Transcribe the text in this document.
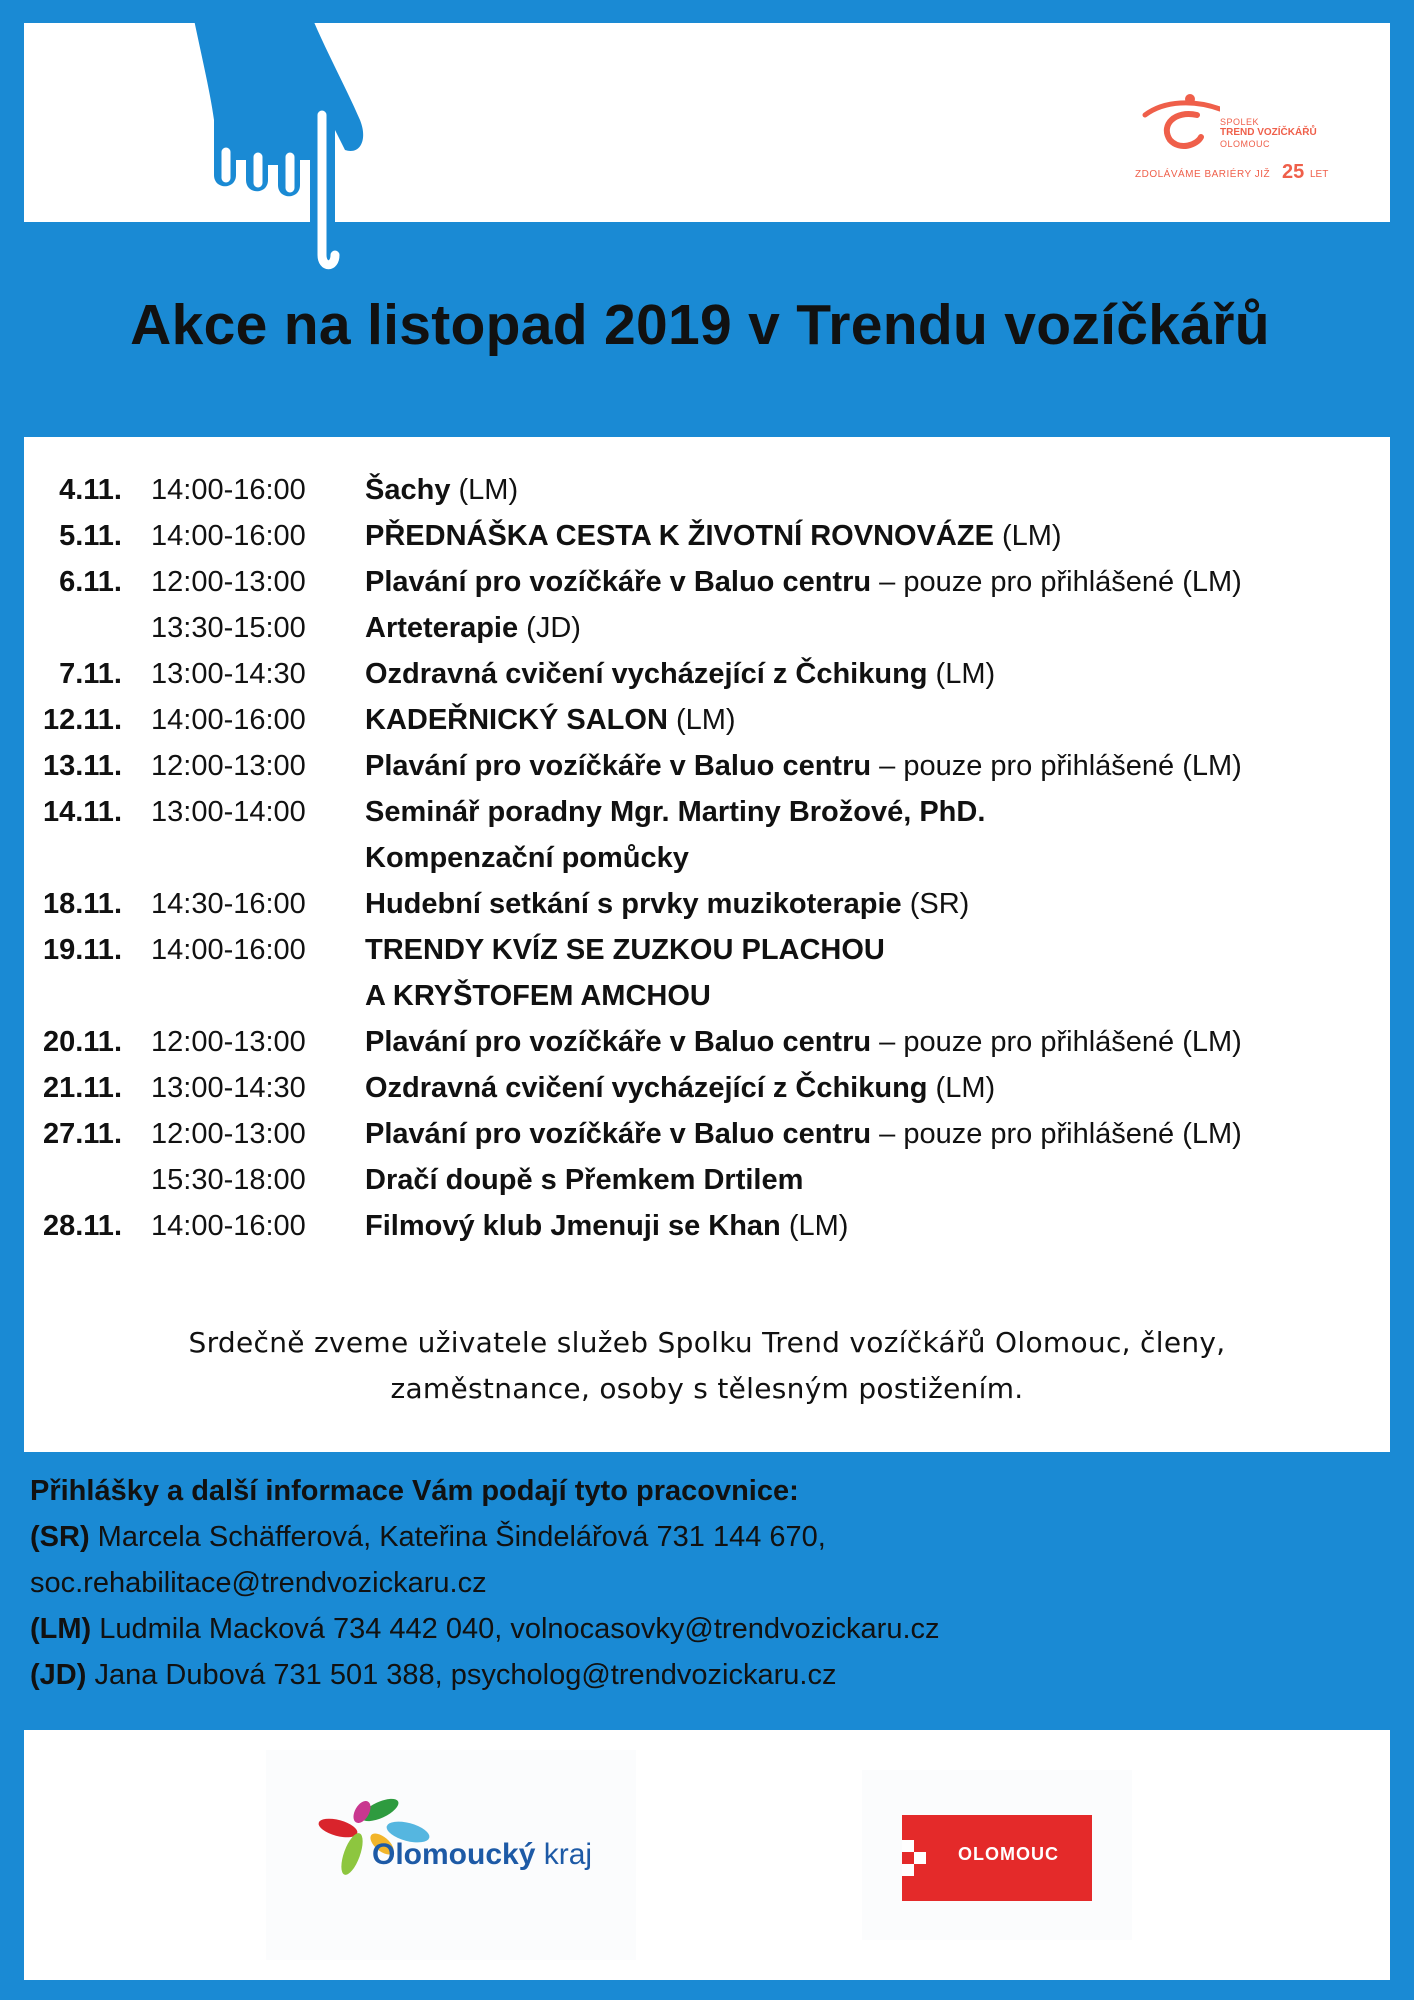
SPOLEK
TREND VOZÍČKÁŘŮ
OLOMOUC
ZDOLÁVÁME BARIÉRY JIŽ 25 LET
Akce na listopad 2019 v Trendu vozíčkářů
4.11. 14:00-16:00 Šachy (LM)
5.11. 14:00-16:00 PŘEDNÁŠKA CESTA K ŽIVOTNÍ ROVNOVÁZE (LM)
6.11. 12:00-13:00 Plavání pro vozíčkáře v Baluo centru – pouze pro přihlášené (LM)
13:30-15:00 Arteterapie (JD)
7.11. 13:00-14:30 Ozdravná cvičení vycházející z Čchikung (LM)
12.11. 14:00-16:00 KADEŘNICKÝ SALON (LM)
13.11. 12:00-13:00 Plavání pro vozíčkáře v Baluo centru – pouze pro přihlášené (LM)
14.11. 13:00-14:00 Seminář poradny Mgr. Martiny Brožové, PhD.
Kompenzační pomůcky
18.11. 14:30-16:00 Hudební setkání s prvky muzikoterapie (SR)
19.11. 14:00-16:00 TRENDY KVÍZ SE ZUZKOU PLACHOU
A KRYŠTOFEM AMCHOU
20.11. 12:00-13:00 Plavání pro vozíčkáře v Baluo centru – pouze pro přihlášené (LM)
21.11. 13:00-14:30 Ozdravná cvičení vycházející z Čchikung (LM)
27.11. 12:00-13:00 Plavání pro vozíčkáře v Baluo centru – pouze pro přihlášené (LM)
15:30-18:00 Dračí doupě s Přemkem Drtilem
28.11. 14:00-16:00 Filmový klub Jmenuji se Khan (LM)
Srdečně zveme uživatele služeb Spolku Trend vozíčkářů Olomouc, členy,
zaměstnance, osoby s tělesným postižením.
Přihlášky a další informace Vám podají tyto pracovnice:
(SR) Marcela Schäfferová, Kateřina Šindelářová 731 144 670,
soc.rehabilitace@trendvozickaru.cz
(LM) Ludmila Macková 734 442 040, volnocasovky@trendvozickaru.cz
(JD) Jana Dubová 731 501 388, psycholog@trendvozickaru.cz
Olomoucký kraj	OLOMOUC
